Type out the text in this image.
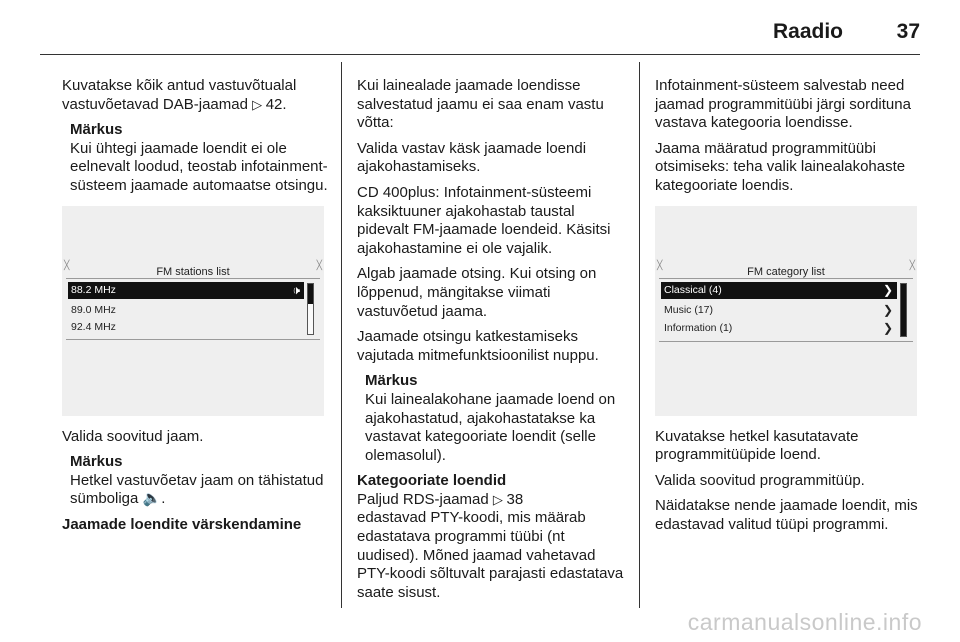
Raadio	37

Kuvatakse kõik antud vastuvõtualal vastuvõetavad DAB-jaamad ▷ 42.

Märkus
Kui ühtegi jaamade loendit ei ole eelnevalt loodud, teostab infotainment-süsteem jaamade automaatse otsingu.
╳	╳
FM stations list
88.2 MHz	🕩
89.0 MHz
92.4 MHz

Valida soovitud jaam.

Märkus
Hetkel vastuvõetav jaam on tähistatud sümboliga 🔈.
Jaamade loendite värskendamine

Kui lainealade jaamade loendisse salvestatud jaamu ei saa enam vastu võtta:

Valida vastav käsk jaamade loendi ajakohastamiseks.

CD 400plus: Infotainment-süsteemi kaksiktuuner ajakohastab taustal pidevalt FM-jaamade loendeid. Käsitsi ajakohastamine ei ole vajalik.

Algab jaamade otsing. Kui otsing on lõppenud, mängitakse viimati vastuvõetud jaama.

Jaamade otsingu katkestamiseks vajutada mitmefunktsioonilist nuppu.

Märkus
Kui lainealakohane jaamade loend on ajakohastatud, ajakohastatakse ka vastavat kategooriate loendit (selle olemasolul).
Kategooriate loendid
Paljud RDS-jaamad ▷ 38
edastavad PTY-koodi, mis määrab edastatava programmi tüübi (nt uudised). Mõned jaamad vahetavad PTY-koodi sõltuvalt parajasti edastatava saate sisust.

Infotainment-süsteem salvestab need jaamad programmitüübi järgi sordituna vastava kategooria loendisse.

Jaama määratud programmitüübi otsimiseks: teha valik lainealakohaste kategooriate loendis.

╳	╳
FM category list
Classical (4)	❯
Music (17)	❯
Information (1)	❯

Kuvatakse hetkel kasutatavate programmitüüpide loend.

Valida soovitud programmitüüp.

Näidatakse nende jaamade loendit, mis edastavad valitud tüüpi programmi.

carmanualsonline.info
